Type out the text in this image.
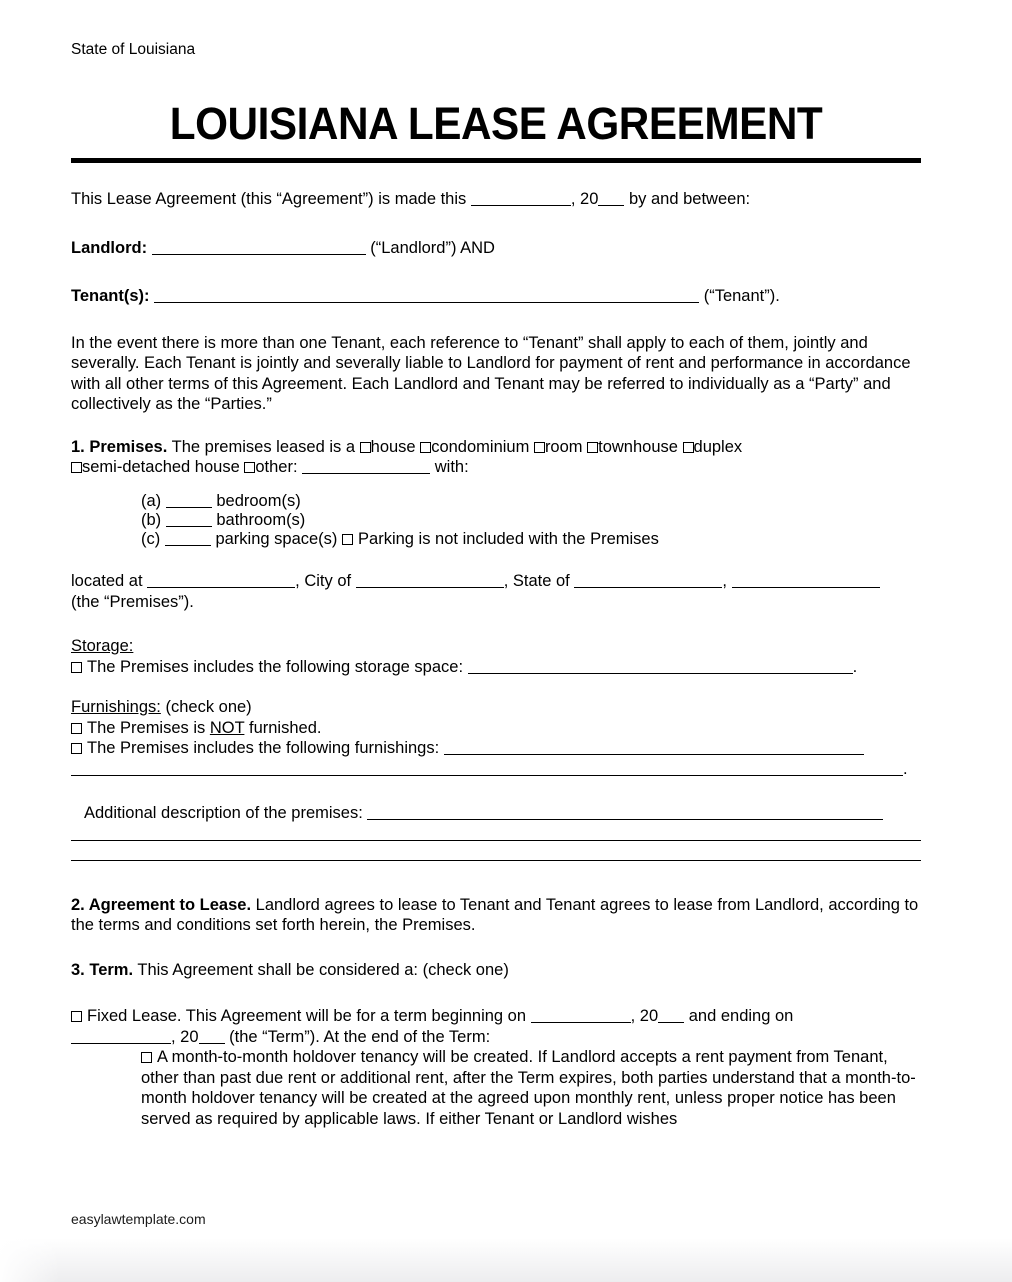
State of Louisiana
LOUISIANA LEASE AGREEMENT
This Lease Agreement (this “Agreement”) is made this	, 20 by and between:
Landlord:	(“Landlord”) AND
Tenant(s):	(“Tenant”).
In the event there is more than one Tenant, each reference to “Tenant” shall apply to each of them, jointly and severally. Each Tenant is jointly and severally liable to Landlord for payment of rent and performance in accordance with all other terms of this Agreement. Each Landlord and Tenant may be referred to individually as a “Party” and collectively as the “Parties.”
1. Premises. The premises leased is a house condominium room townhouse duplex
semi-detached house other:	with:
(a)	bedroom(s)
(b)	bathroom(s)
(c)	parking space(s) Parking is not included with the Premises
located at	, City of	, State of	,
(the “Premises”).
Storage:
The Premises includes the following storage space:	.
Furnishings: (check one)
The Premises is NOT furnished.
The Premises includes the following furnishings:
.
Additional description of the premises:
2. Agreement to Lease. Landlord agrees to lease to Tenant and Tenant agrees to lease from Landlord, according to the terms and conditions set forth herein, the Premises.
3. Term. This Agreement shall be considered a: (check one)
Fixed Lease. This Agreement will be for a term beginning on	, 20 and ending on
, 20 (the “Term”). At the end of the Term:
A month-to-month holdover tenancy will be created. If Landlord accepts a rent payment from Tenant, other than past due rent or additional rent, after the Term expires, both parties understand that a month-to-month holdover tenancy will be created at the agreed upon monthly rent, unless proper notice has been served as required by applicable laws. If either Tenant or Landlord wishes
easylawtemplate.com
